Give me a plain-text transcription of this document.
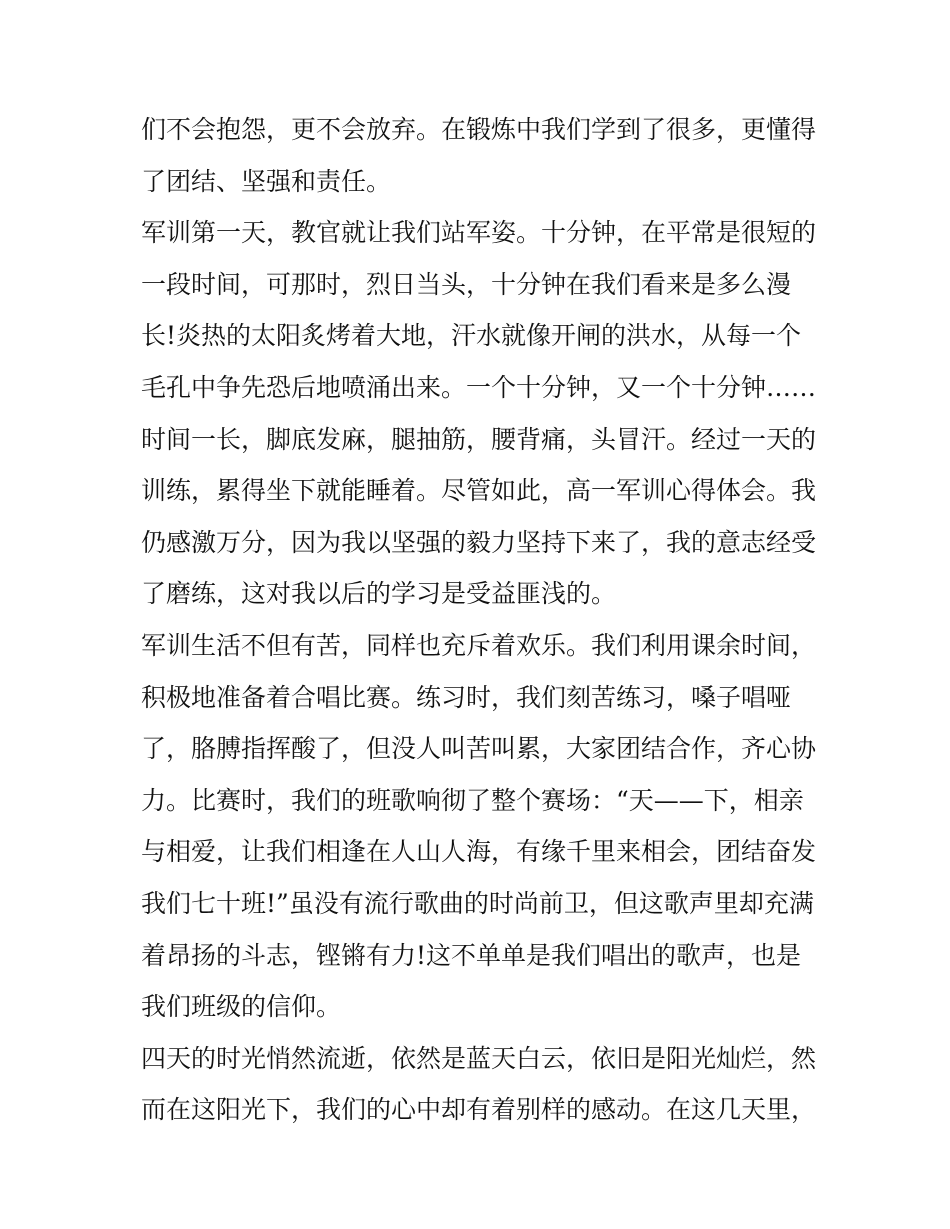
们不会抱怨，更不会放弃。在锻炼中我们学到了很多，更懂得
了团结、坚强和责任。
军训第一天，教官就让我们站军姿。十分钟，在平常是很短的
一段时间，可那时，烈日当头，十分钟在我们看来是多么漫
长!炎热的太阳炙烤着大地，汗水就像开闸的洪水，从每一个
毛孔中争先恐后地喷涌出来。一个十分钟，又一个十分钟……
时间一长，脚底发麻，腿抽筋，腰背痛，头冒汗。经过一天的
训练，累得坐下就能睡着。尽管如此，高一军训心得体会。我
仍感激万分，因为我以坚强的毅力坚持下来了，我的意志经受
了磨练，这对我以后的学习是受益匪浅的。
军训生活不但有苦，同样也充斥着欢乐。我们利用课余时间，
积极地准备着合唱比赛。练习时，我们刻苦练习，嗓子唱哑
了，胳膊指挥酸了，但没人叫苦叫累，大家团结合作，齐心协
力。比赛时，我们的班歌响彻了整个赛场：“天——下，相亲
与相爱，让我们相逢在人山人海，有缘千里来相会，团结奋发
我们七十班!”虽没有流行歌曲的时尚前卫，但这歌声里却充满
着昂扬的斗志，铿锵有力!这不单单是我们唱出的歌声，也是
我们班级的信仰。
四天的时光悄然流逝，依然是蓝天白云，依旧是阳光灿烂，然
而在这阳光下，我们的心中却有着别样的感动。在这几天里，
